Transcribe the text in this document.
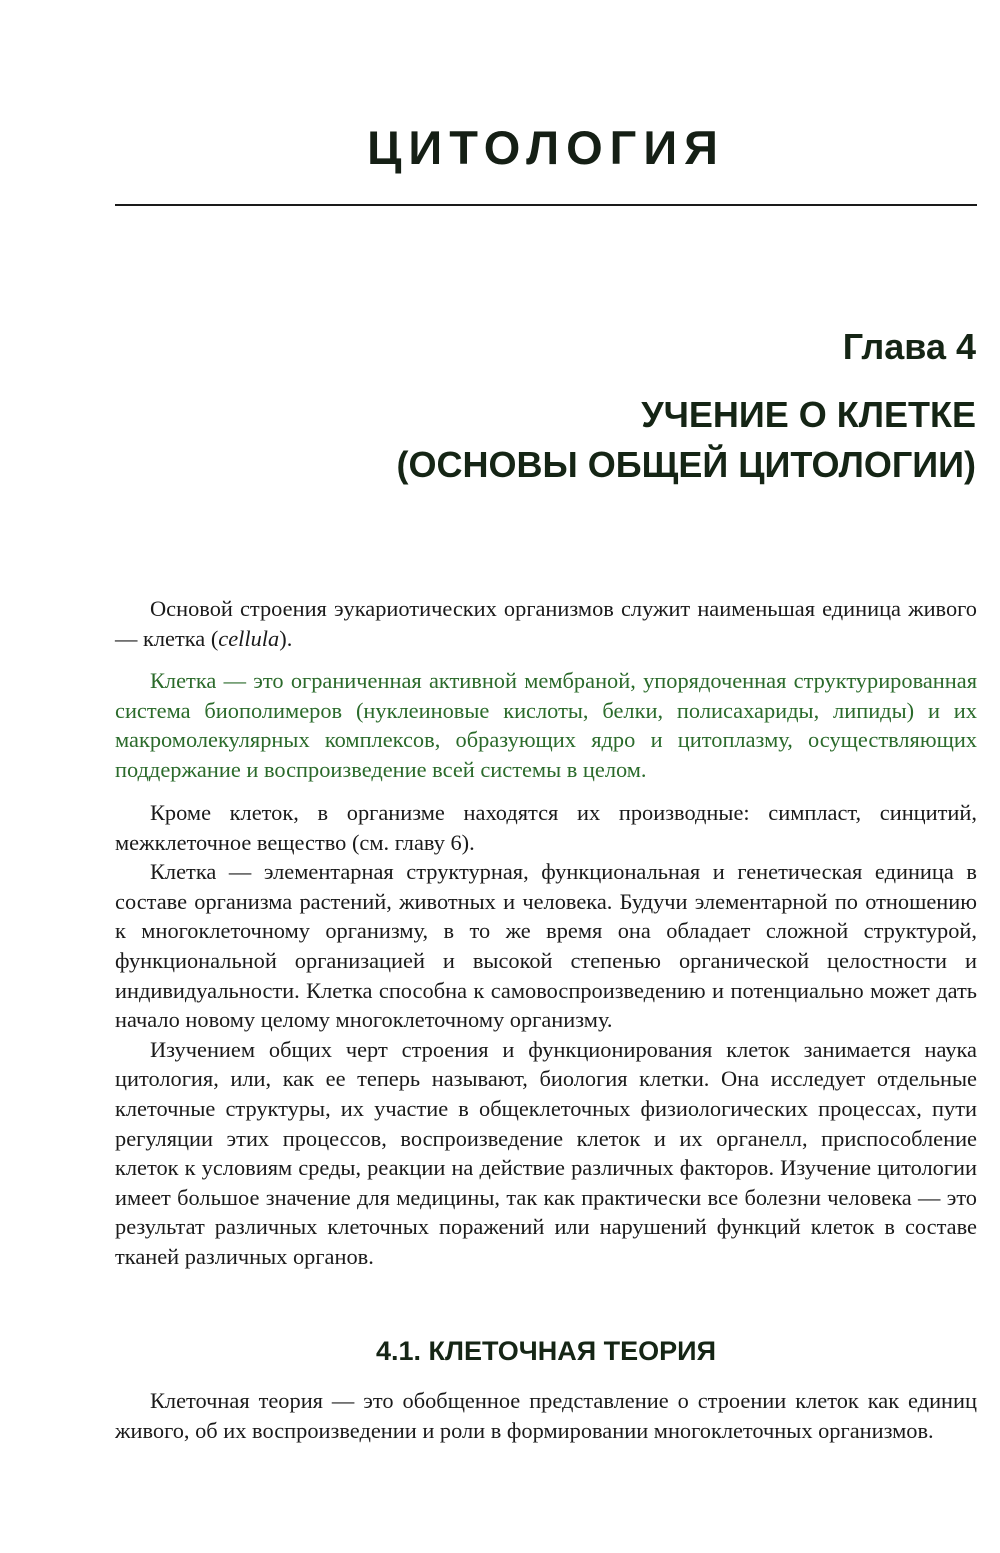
ЦИТОЛОГИЯ
Глава 4
УЧЕНИЕ О КЛЕТКЕ
(ОСНОВЫ ОБЩЕЙ ЦИТОЛОГИИ)

Основой строения эукариотических организмов служит наименьшая единица живого — клетка (cellula).

Клетка — это ограниченная активной мембраной, упорядоченная структурированная система биополимеров (нуклеиновые кислоты, белки, полисахариды, липиды) и их макромолекулярных комплексов, образующих ядро и цитоплазму, осуществляющих поддержание и воспроизведение всей системы в целом.

Кроме клеток, в организме находятся их производные: симпласт, синцитий, межклеточное вещество (см. главу 6).

Клетка — элементарная структурная, функциональная и генетическая единица в составе организма растений, животных и человека. Будучи элементарной по отношению к многоклеточному организму, в то же время она обладает сложной структурой, функциональной организацией и высокой степенью органической целостности и индивидуальности. Клетка способна к самовоспроизведению и потенциально может дать начало новому целому многоклеточному организму.

Изучением общих черт строения и функционирования клеток занимается наука цитология, или, как ее теперь называют, биология клетки. Она исследует отдельные клеточные структуры, их участие в общеклеточных физиологических процессах, пути регуляции этих процессов, воспроизведение клеток и их органелл, приспособление клеток к условиям среды, реакции на действие различных факторов. Изучение цитологии имеет большое значение для медицины, так как практически все болезни человека — это результат различных клеточных поражений или нарушений функций клеток в составе тканей различных органов.

4.1. КЛЕТОЧНАЯ ТЕОРИЯ

Клеточная теория — это обобщенное представление о строении клеток как единиц живого, об их воспроизведении и роли в формировании многоклеточных организмов.
